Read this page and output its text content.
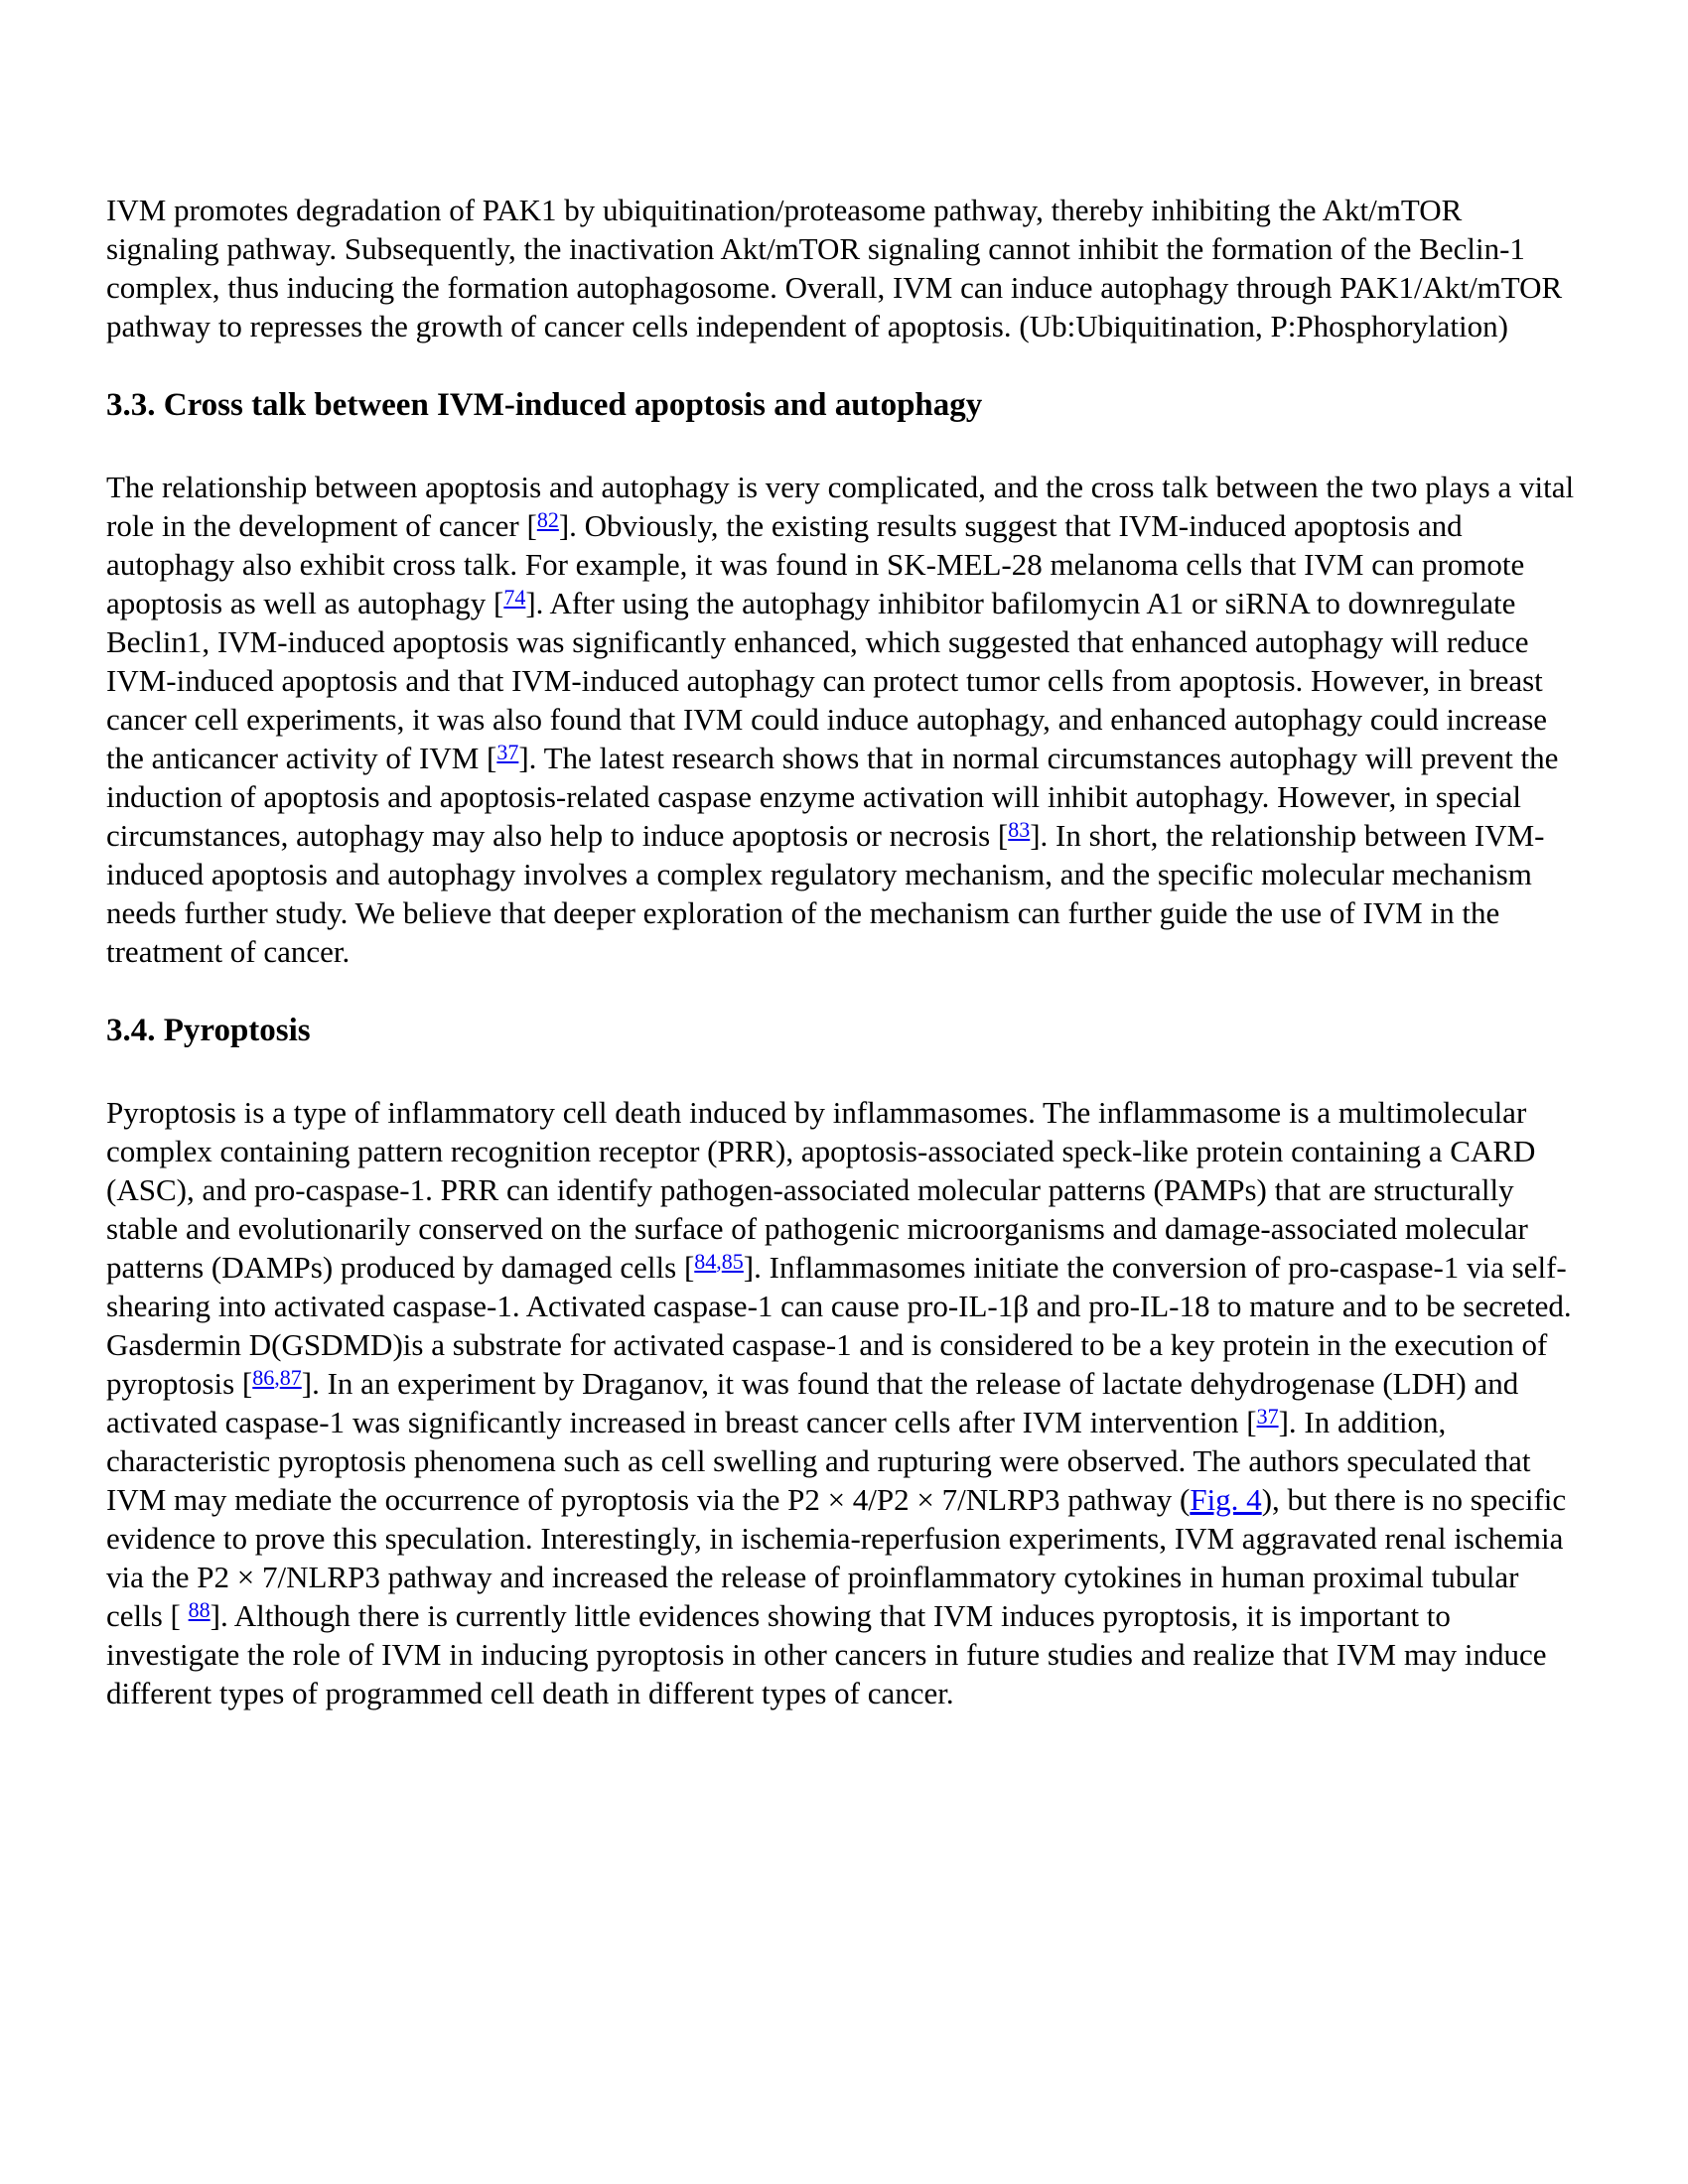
IVM promotes degradation of PAK1 by ubiquitination/proteasome pathway, thereby inhibiting the Akt/mTOR signaling pathway. Subsequently, the inactivation Akt/mTOR signaling cannot inhibit the formation of the Beclin-1 complex, thus inducing the formation autophagosome. Overall, IVM can induce autophagy through PAK1/Akt/mTOR pathway to represses the growth of cancer cells independent of apoptosis. (Ub:Ubiquitination, P:Phosphorylation)

3.3. Cross talk between IVM-induced apoptosis and autophagy

The relationship between apoptosis and autophagy is very complicated, and the cross talk between the two plays a vital role in the development of cancer [$^{82}$]. Obviously, the existing results suggest that IVM-induced apoptosis and autophagy also exhibit cross talk. For example, it was found in SK-MEL-28 melanoma cells that IVM can promote apoptosis as well as autophagy [$^{74}$]. After using the autophagy inhibitor bafilomycin A1 or siRNA to downregulate Beclin1, IVM-induced apoptosis was significantly enhanced, which suggested that enhanced autophagy will reduce IVM-induced apoptosis and that IVM-induced autophagy can protect tumor cells from apoptosis. However, in breast cancer cell experiments, it was also found that IVM could induce autophagy, and enhanced autophagy could increase the anticancer activity of IVM [$^{37}$]. The latest research shows that in normal circumstances autophagy will prevent the induction of apoptosis and apoptosis-related caspase enzyme activation will inhibit autophagy. However, in special circumstances, autophagy may also help to induce apoptosis or necrosis [$^{83}$]. In short, the relationship between IVM-induced apoptosis and autophagy involves a complex regulatory mechanism, and the specific molecular mechanism needs further study. We believe that deeper exploration of the mechanism can further guide the use of IVM in the treatment of cancer.

3.4. Pyroptosis

Pyroptosis is a type of inflammatory cell death induced by inflammasomes. The inflammasome is a multimolecular complex containing pattern recognition receptor (PRR), apoptosis-associated speck-like protein containing a CARD (ASC), and pro-caspase-1. PRR can identify pathogen-associated molecular patterns (PAMPs) that are structurally stable and evolutionarily conserved on the surface of pathogenic microorganisms and damage-associated molecular patterns (DAMPs) produced by damaged cells [$^{84,85}$]. Inflammasomes initiate the conversion of pro-caspase-1 via self-shearing into activated caspase-1. Activated caspase-1 can cause pro-IL-1β and pro-IL-18 to mature and to be secreted. Gasdermin D(GSDMD)is a substrate for activated caspase-1 and is considered to be a key protein in the execution of pyroptosis [$^{86,87}$]. In an experiment by Draganov, it was found that the release of lactate dehydrogenase (LDH) and activated caspase-1 was significantly increased in breast cancer cells after IVM intervention [$^{37}$]. In addition, characteristic pyroptosis phenomena such as cell swelling and rupturing were observed. The authors speculated that IVM may mediate the occurrence of pyroptosis via the P2 × 4/P2 × 7/NLRP3 pathway (Fig. 4), but there is no specific evidence to prove this speculation. Interestingly, in ischemia-reperfusion experiments, IVM aggravated renal ischemia via the P2 × 7/NLRP3 pathway and increased the release of proinflammatory cytokines in human proximal tubular cells [ $^{88}$]. Although there is currently little evidences showing that IVM induces pyroptosis, it is important to investigate the role of IVM in inducing pyroptosis in other cancers in future studies and realize that IVM may induce different types of programmed cell death in different types of cancer.
